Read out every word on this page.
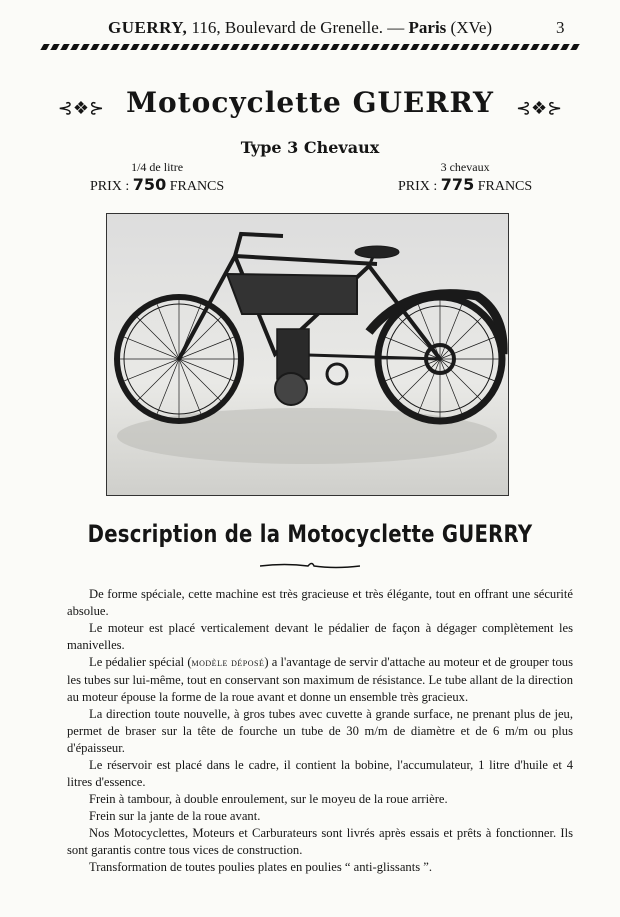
GUERRY, 116, Boulevard de Grenelle. — Paris (XVe)	3
⊰❖⊱ Motocyclette GUERRY ⊰❖⊱
Type 3 Chevaux
1/4 de litre
PRIX : 750 FRANCS
3 chevaux
PRIX : 775 FRANCS
Description de la Motocyclette GUERRY

De forme spéciale, cette machine est très gracieuse et très élégante, tout en offrant une sécurité absolue.

Le moteur est placé verticalement devant le pédalier de façon à dégager complètement les manivelles.

Le pédalier spécial (modèle déposé) a l'avantage de servir d'attache au moteur et de grouper tous les tubes sur lui-même, tout en conservant son maximum de résistance. Le tube allant de la direction au moteur épouse la forme de la roue avant et donne un ensemble très gracieux.

La direction toute nouvelle, à gros tubes avec cuvette à grande surface, ne prenant plus de jeu, permet de braser sur la tête de fourche un tube de 30 m/m de diamètre et de 6 m/m ou plus d'épaisseur.

Le réservoir est placé dans le cadre, il contient la bobine, l'accumulateur, 1 litre d'huile et 4 litres d'essence.

Frein à tambour, à double enroulement, sur le moyeu de la roue arrière.

Frein sur la jante de la roue avant.

Nos Motocyclettes, Moteurs et Carburateurs sont livrés après essais et prêts à fonctionner. Ils sont garantis contre tous vices de construction.

Transformation de toutes poulies plates en poulies “ anti-glissants ”.
